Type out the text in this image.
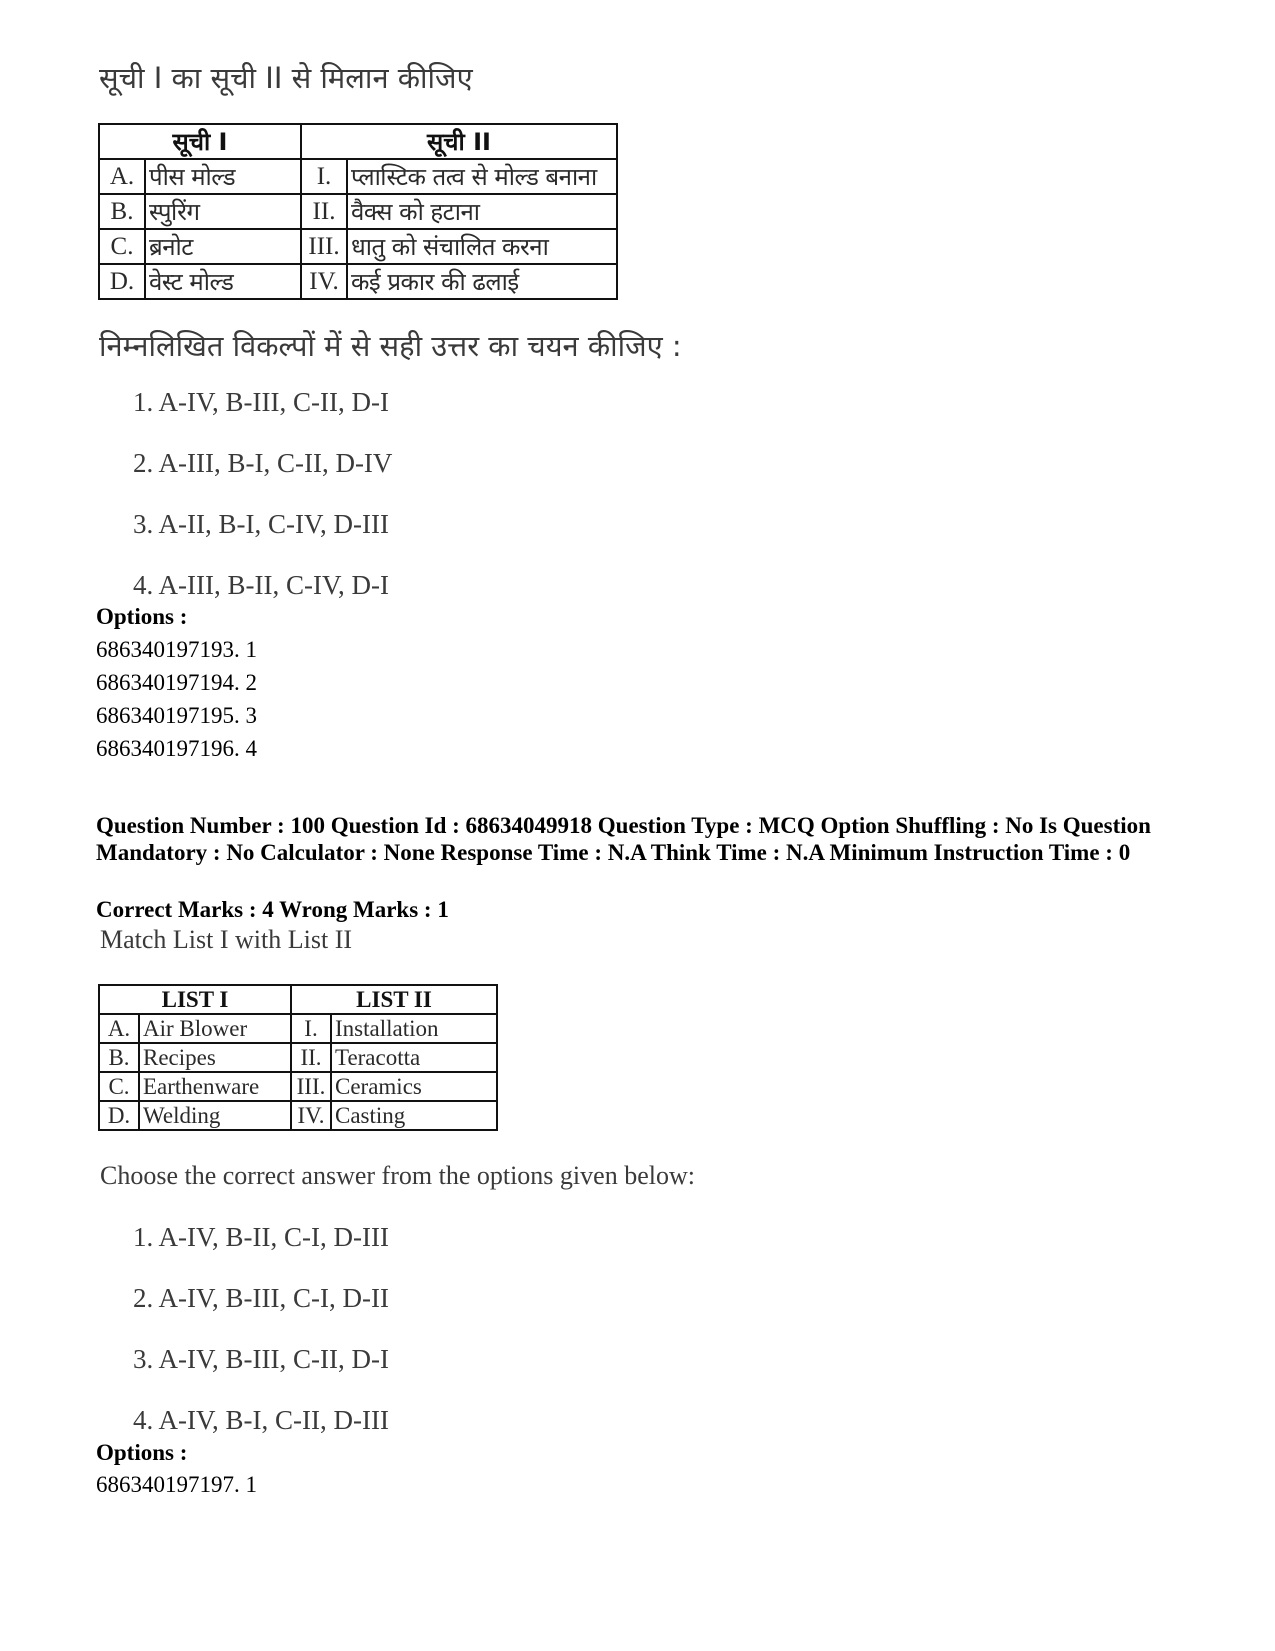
सूची I का सूची II से मिलान कीजिए
सूची I		सूची II	
A.	पीस मोल्ड	I.	प्लास्टिक तत्व से मोल्ड बनाना
B.	स्पुरिंग	II.	वैक्स को हटाना
C.	ब्रनोट	III.	धातु को संचालित करना
D.	वेस्ट मोल्ड	IV.	कई प्रकार की ढलाई
निम्नलिखित विकल्पों में से सही उत्तर का चयन कीजिए :
1. A-IV, B-III, C-II, D-I
2. A-III, B-I, C-II, D-IV
3. A-II, B-I, C-IV, D-III
4. A-III, B-II, C-IV, D-I
Options :
686340197193. 1
686340197194. 2
686340197195. 3
686340197196. 4
Question Number : 100 Question Id : 68634049918 Question Type : MCQ Option Shuffling : No Is Question Mandatory : No Calculator : None Response Time : N.A Think Time : N.A Minimum Instruction Time : 0
Correct Marks : 4 Wrong Marks : 1
Match List I with List II
LIST I		LIST II	
A.	Air Blower	I.	Installation
B.	Recipes	II.	Teracotta
C.	Earthenware	III.	Ceramics
D.	Welding	IV.	Casting
Choose the correct answer from the options given below:
1. A-IV, B-II, C-I, D-III
2. A-IV, B-III, C-I, D-II
3. A-IV, B-III, C-II, D-I
4. A-IV, B-I, C-II, D-III
Options :
686340197197. 1
